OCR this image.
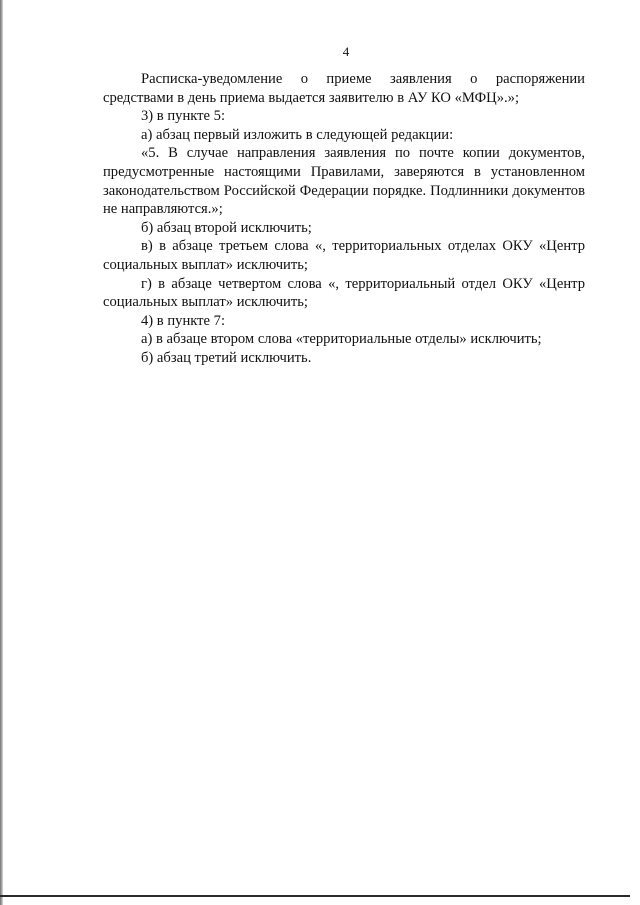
4

Расписка-уведомление о приеме заявления о распоряжении средствами в день приема выдается заявителю в АУ КО «МФЦ».»;

3) в пункте 5:

а) абзац первый изложить в следующей редакции:

«5. В случае направления заявления по почте копии документов, предусмотренные настоящими Правилами, заверяются в установленном законодательством Российской Федерации порядке. Подлинники документов не направляются.»;

б) абзац второй исключить;

в) в абзаце третьем слова «, территориальных отделах ОКУ «Центр социальных выплат» исключить;

г) в абзаце четвертом слова «, территориальный отдел ОКУ «Центр социальных выплат» исключить;

4) в пункте 7:

а) в абзаце втором слова «территориальные отделы» исключить;

б) абзац третий исключить.
